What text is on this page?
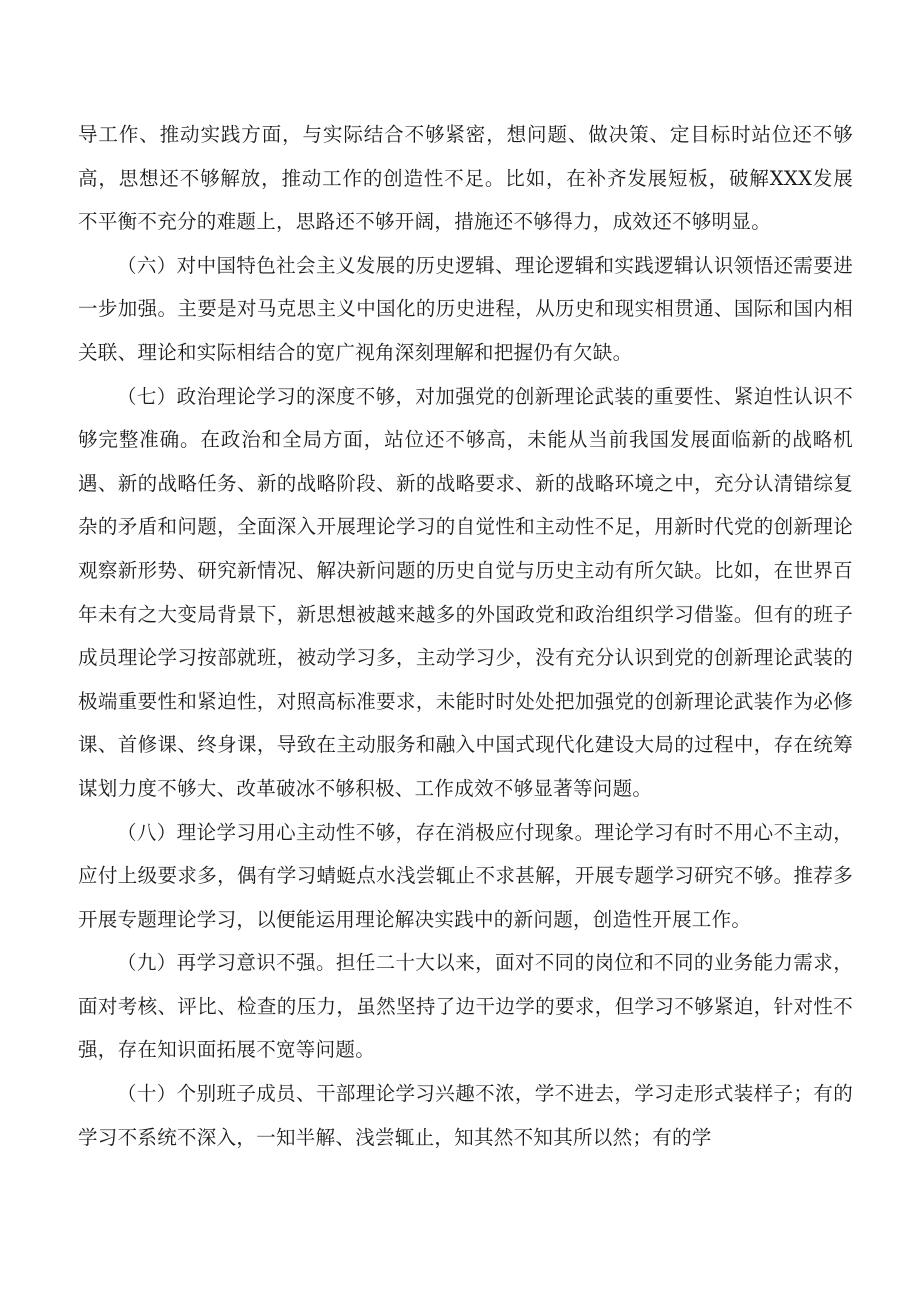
导工作、推动实践方面，与实际结合不够紧密，想问题、做决策、定目标时站位还不够高，思想还不够解放，推动工作的创造性不足。比如，在补齐发展短板，破解XXX发展不平衡不充分的难题上，思路还不够开阔，措施还不够得力，成效还不够明显。

（六）对中国特色社会主义发展的历史逻辑、理论逻辑和实践逻辑认识领悟还需要进一步加强。主要是对马克思主义中国化的历史进程，从历史和现实相贯通、国际和国内相关联、理论和实际相结合的宽广视角深刻理解和把握仍有欠缺。

（七）政治理论学习的深度不够，对加强党的创新理论武装的重要性、紧迫性认识不够完整准确。在政治和全局方面，站位还不够高，未能从当前我国发展面临新的战略机遇、新的战略任务、新的战略阶段、新的战略要求、新的战略环境之中，充分认清错综复杂的矛盾和问题，全面深入开展理论学习的自觉性和主动性不足，用新时代党的创新理论观察新形势、研究新情况、解决新问题的历史自觉与历史主动有所欠缺。比如，在世界百年未有之大变局背景下，新思想被越来越多的外国政党和政治组织学习借鉴。但有的班子成员理论学习按部就班，被动学习多，主动学习少，没有充分认识到党的创新理论武装的极端重要性和紧迫性，对照高标准要求，未能时时处处把加强党的创新理论武装作为必修课、首修课、终身课，导致在主动服务和融入中国式现代化建设大局的过程中，存在统筹谋划力度不够大、改革破冰不够积极、工作成效不够显著等问题。

（八）理论学习用心主动性不够，存在消极应付现象。理论学习有时不用心不主动，应付上级要求多，偶有学习蜻蜓点水浅尝辄止不求甚解，开展专题学习研究不够。推荐多开展专题理论学习，以便能运用理论解决实践中的新问题，创造性开展工作。

（九）再学习意识不强。担任二十大以来，面对不同的岗位和不同的业务能力需求，面对考核、评比、检查的压力，虽然坚持了边干边学的要求，但学习不够紧迫，针对性不强，存在知识面拓展不宽等问题。

（十）个别班子成员、干部理论学习兴趣不浓，学不进去，学习走形式装样子；有的学习不系统不深入，一知半解、浅尝辄止，知其然不知其所以然；有的学
